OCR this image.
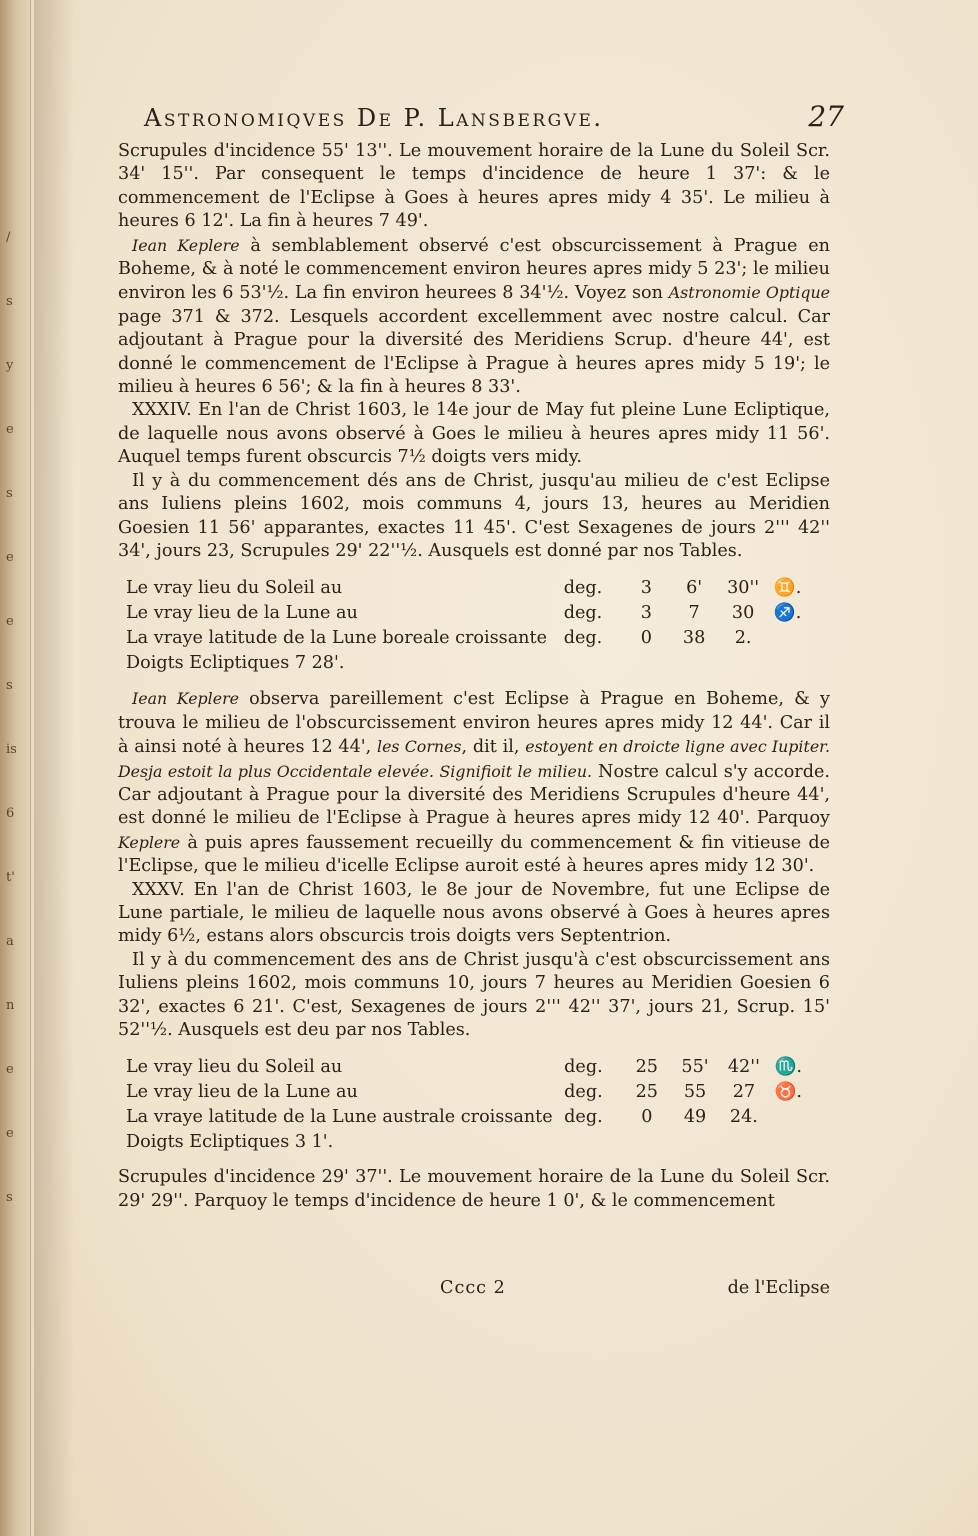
/
s
y
e
s
e
e
s
is
6
t'
a
n
e
e
s
Astronomiqves De P. Lansbergve.	27

Scrupules d'incidence 55' 13''. Le mouvement horaire de la Lune du Soleil Scr. 34' 15''. Par consequent le temps d'incidence de heure 1 37': & le commencement de l'Eclipse à Goes à heures apres midy 4 35'. Le milieu à heures 6 12'. La fin à heures 7 49'.

Iean Keplere à semblablement observé c'est obscurcissement à Prague en Boheme, & à noté le commencement environ heures apres midy 5 23'; le milieu environ les 6 53'½. La fin environ heurees 8 34'½. Voyez son Astronomie Optique page 371 & 372. Lesquels accordent excellemment avec nostre calcul. Car adjoutant à Prague pour la diversité des Meridiens Scrup. d'heure 44', est donné le commencement de l'Eclipse à Prague à heures apres midy 5 19'; le milieu à heures 6 56'; & la fin à heures 8 33'.

XXXIV. En l'an de Christ 1603, le 14e jour de May fut pleine Lune Ecliptique, de laquelle nous avons observé à Goes le milieu à heures apres midy 11 56'. Auquel temps furent obscurcis 7½ doigts vers midy.

Il y à du commencement dés ans de Christ, jusqu'au milieu de c'est Eclipse ans Iuliens pleins 1602, mois communs 4, jours 13, heures au Meridien Goesien 11 56' apparantes, exactes 11 45'. C'est Sexagenes de jours 2''' 42'' 34', jours 23, Scrupules 29' 22''½. Ausquels est donné par nos Tables.

Le vray lieu du Soleil au	deg.	3	6'	30''	♊.
Le vray lieu de la Lune au	deg.	3	7	30	♐.
La vraye latitude de la Lune boreale croissante	deg.	0	38	2.	
Doigts Ecliptiques 7 28'.					

Iean Keplere observa pareillement c'est Eclipse à Prague en Boheme, & y trouva le milieu de l'obscurcissement environ heures apres midy 12 44'. Car il à ainsi noté à heures 12 44', les Cornes, dit il, estoyent en droicte ligne avec Iupiter. Desja estoit la plus Occidentale elevée. Signifioit le milieu. Nostre calcul s'y accorde. Car adjoutant à Prague pour la diversité des Meridiens Scrupules d'heure 44', est donné le milieu de l'Eclipse à Prague à heures apres midy 12 40'. Parquoy Keplere à puis apres faussement recueilly du commencement & fin vitieuse de l'Eclipse, que le milieu d'icelle Eclipse auroit esté à heures apres midy 12 30'.

XXXV. En l'an de Christ 1603, le 8e jour de Novembre, fut une Eclipse de Lune partiale, le milieu de laquelle nous avons observé à Goes à heures apres midy 6½, estans alors obscurcis trois doigts vers Septentrion.

Il y à du commencement des ans de Christ jusqu'à c'est obscurcissement ans Iuliens pleins 1602, mois communs 10, jours 7 heures au Meridien Goesien 6 32', exactes 6 21'. C'est, Sexagenes de jours 2''' 42'' 37', jours 21, Scrup. 15' 52''½. Ausquels est deu par nos Tables.

Le vray lieu du Soleil au	deg.	25	55'	42''	♏.
Le vray lieu de la Lune au	deg.	25	55	27	♉.
La vraye latitude de la Lune australe croissante	deg.	0	49	24.	
Doigts Ecliptiques 3 1'.					

Scrupules d'incidence 29' 37''. Le mouvement horaire de la Lune du Soleil Scr. 29' 29''. Parquoy le temps d'incidence de heure 1 0', & le commencement

Cccc 2	de l'Eclipse
